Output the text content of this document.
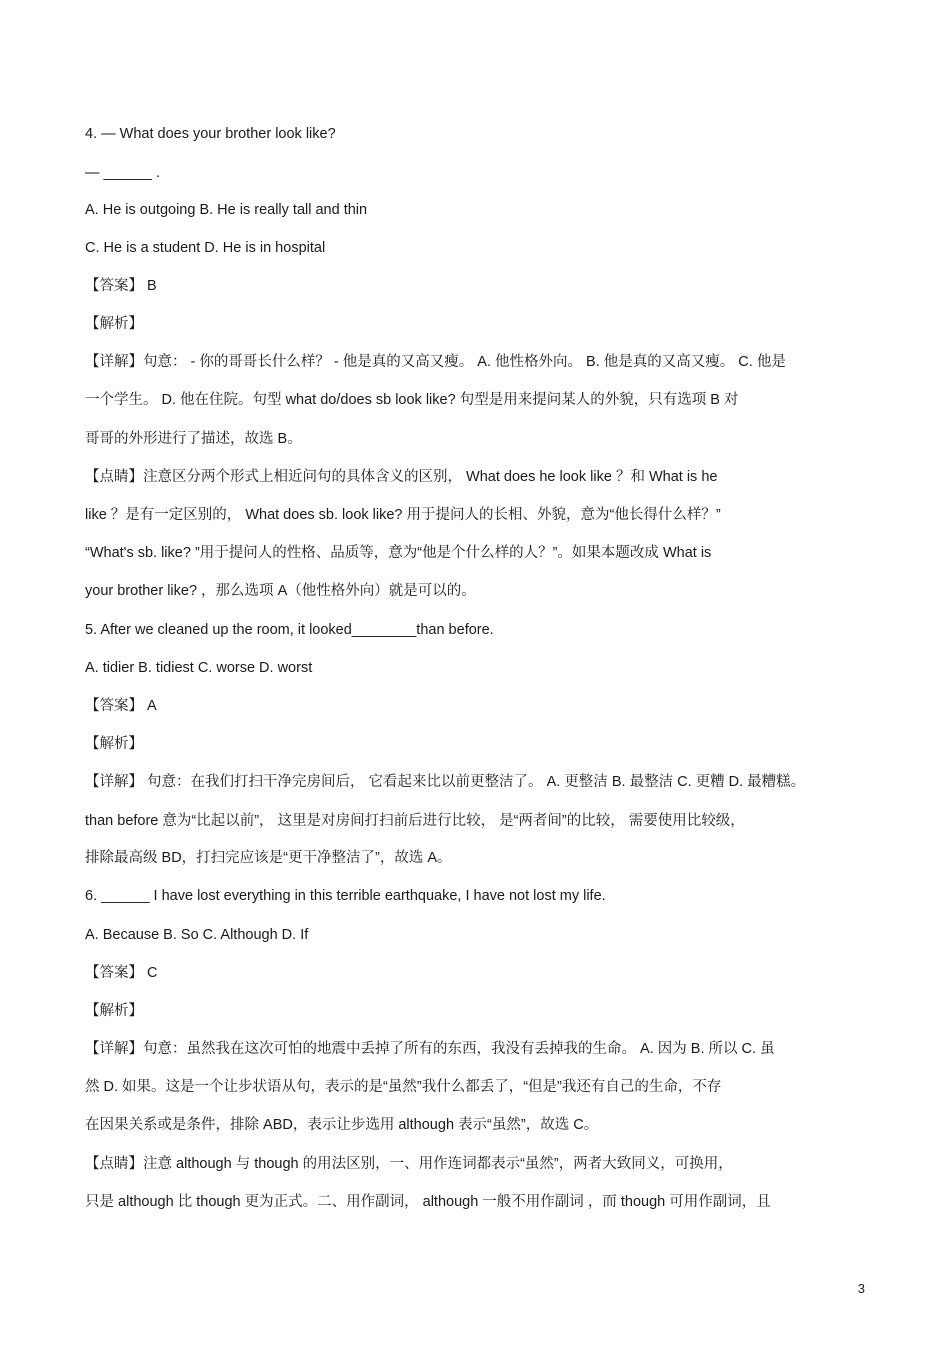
4. — What does your brother look like?
— ______ .
A. He is outgoing B. He is really tall and thin
C. He is a student D. He is in hospital
【答案】 B
【解析】
【详解】句意： - 你的哥哥长什么样？ - 他是真的又高又瘦。 A. 他性格外向。 B. 他是真的又高又瘦。 C. 他是
一个学生。 D. 他在住院。句型 what do/does sb look like? 句型是用来提问某人的外貌，只有选项 B 对
哥哥的外形进行了描述，故选 B。
【点睛】注意区分两个形式上相近问句的具体含义的区别， What does he look like ？和 What is he
like ？是有一定区别的， What does sb. look like? 用于提问人的长相、外貌，意为“他长得什么样？”
“What's sb. like? ”用于提问人的性格、品质等，意为“他是个什么样的人？”。如果本题改成 What is
your brother like? ，那么选项 A（他性格外向）就是可以的。
5. After we cleaned up the room, it looked________than before.
A. tidier B. tidiest C. worse D. worst
【答案】 A
【解析】
【详解】 句意：在我们打扫干净完房间后， 它看起来比以前更整洁了。 A. 更整洁 B. 最整洁 C. 更糟 D. 最糟糕。
than before 意为“比起以前”， 这里是对房间打扫前后进行比较， 是“两者间”的比较， 需要使用比较级，
排除最高级 BD，打扫完应该是“更干净整洁了”，故选 A。
6. ______ I have lost everything in this terrible earthquake, I have not lost my life.
A. Because B. So C. Although D. If
【答案】 C
【解析】
【详解】句意：虽然我在这次可怕的地震中丢掉了所有的东西，我没有丢掉我的生命。 A. 因为 B. 所以 C. 虽
然 D. 如果。这是一个让步状语从句，表示的是“虽然”我什么都丢了，“但是”我还有自己的生命，不存
在因果关系或是条件，排除 ABD，表示让步选用 although 表示“虽然”，故选 C。
【点睛】注意 although 与 though 的用法区别，一、用作连词都表示“虽然”，两者大致同义，可换用，
只是 although 比 though 更为正式。二、用作副词， although 一般不用作副词 ，而 though 可用作副词，且
3
